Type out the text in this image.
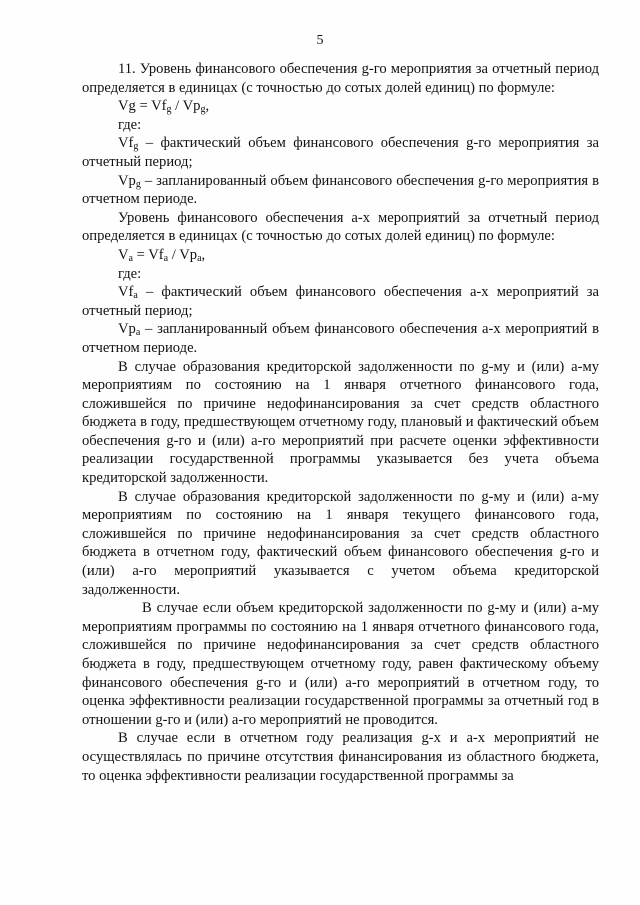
5

11. Уровень финансового обеспечения g-го мероприятия за отчетный период определяется в единицах (с точностью до сотых долей единиц) по формуле:

$Vg = Vf_g / Vp_g$,

где:

$Vf_g$ – фактический объем финансового обеспечения g-го мероприятия за отчетный период;

$Vp_g$ – запланированный объем финансового обеспечения g-го мероприятия в отчетном периоде.

Уровень финансового обеспечения a-х мероприятий за отчетный период определяется в единицах (с точностью до сотых долей единиц) по формуле:

$V_a = Vf_a / Vp_a$,

где:

$Vf_a$ – фактический объем финансового обеспечения a-х мероприятий за отчетный период;

$Vp_a$ – запланированный объем финансового обеспечения a-х мероприятий в отчетном периоде.

В случае образования кредиторской задолженности по g-му и (или) a-му мероприятиям по состоянию на 1 января отчетного финансового года, сложившейся по причине недофинансирования за счет средств областного бюджета в году, предшествующем отчетному году, плановый и фактический объем обеспечения g-го и (или) a-го мероприятий при расчете оценки эффективности реализации государственной программы указывается без учета объема кредиторской задолженности.

В случае образования кредиторской задолженности по g-му и (или) a-му мероприятиям по состоянию на 1 января текущего финансового года, сложившейся по причине недофинансирования за счет средств областного бюджета в отчетном году, фактический объем финансового обеспечения g-го и (или) a-го мероприятий указывается с учетом объема кредиторской задолженности.

В случае если объем кредиторской задолженности по g-му и (или) a-му мероприятиям программы по состоянию на 1 января отчетного финансового года, сложившейся по причине недофинансирования за счет средств областного бюджета в году, предшествующем отчетному году, равен фактическому объему финансового обеспечения g-го и (или) a-го мероприятий в отчетном году, то оценка эффективности реализации государственной программы за отчетный год в отношении g-го и (или) a-го мероприятий не проводится.

В случае если в отчетном году реализация g-х и a-х мероприятий не осуществлялась по причине отсутствия финансирования из областного бюджета, то оценка эффективности реализации государственной программы за
